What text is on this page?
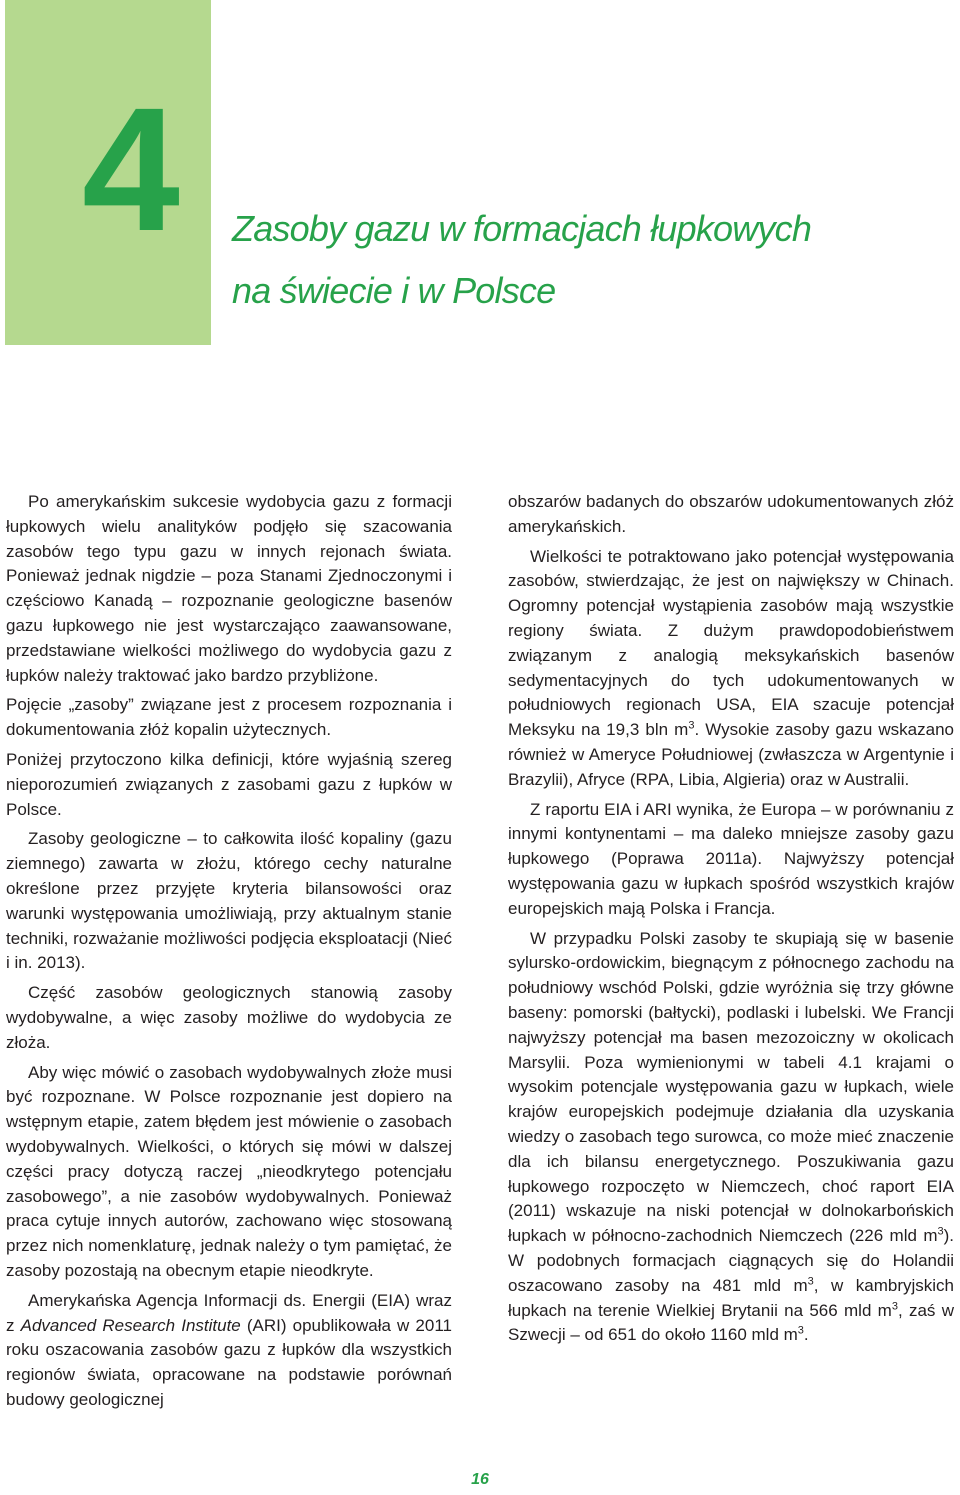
4 Zasoby gazu w formacjach łupkowych
na świecie i w Polsce

Po amerykańskim sukcesie wydobycia gazu z formacji łupkowych wielu analityków podjęło się szacowania zasobów tego typu gazu w innych rejonach świata. Ponieważ jednak nigdzie – poza Stanami Zjednoczonymi i częściowo Kanadą – rozpoznanie geologiczne basenów gazu łupkowego nie jest wystarczająco zaawansowane, przedstawiane wielkości możliwego do wydobycia gazu z łupków należy traktować jako bardzo przybliżone.

Pojęcie „zasoby” związane jest z procesem rozpoznania i dokumentowania złóż kopalin użytecznych.

Poniżej przytoczono kilka definicji, które wyjaśnią szereg nieporozumień związanych z zasobami gazu z łupków w Polsce.

Zasoby geologiczne – to całkowita ilość kopaliny (gazu ziemnego) zawarta w złożu, którego cechy naturalne określone przez przyjęte kryteria bilansowości oraz warunki występowania umożliwiają, przy aktualnym stanie techniki, rozważanie możliwości podjęcia eksploatacji (Nieć i in. 2013).

Część zasobów geologicznych stanowią zasoby wydobywalne, a więc zasoby możliwe do wydobycia ze złoża.

Aby więc mówić o zasobach wydobywalnych złoże musi być rozpoznane. W Polsce rozpoznanie jest dopiero na wstępnym etapie, zatem błędem jest mówienie o zasobach wydobywalnych. Wielkości, o których się mówi w dalszej części pracy dotyczą raczej „nieodkrytego potencjału zasobowego”, a nie zasobów wydobywalnych. Ponieważ praca cytuje innych autorów, zachowano więc stosowaną przez nich nomenklaturę, jednak należy o tym pamiętać, że zasoby pozostają na obecnym etapie nieodkryte.

Amerykańska Agencja Informacji ds. Energii (EIA) wraz z Advanced Research Institute (ARI) opublikowała w 2011 roku oszacowania zasobów gazu z łupków dla wszystkich regionów świata, opracowane na podstawie porównań budowy geologicznej

obszarów badanych do obszarów udokumentowanych złóż amerykańskich.

Wielkości te potraktowano jako potencjał występowania zasobów, stwierdzając, że jest on największy w Chinach. Ogromny potencjał wystąpienia zasobów mają wszystkie regiony świata. Z dużym prawdopodobieństwem związanym z analogią meksykańskich basenów sedymentacyjnych do tych udokumentowanych w południowych regionach USA, EIA szacuje potencjał Meksyku na 19,3 bln $m^3$. Wysokie zasoby gazu wskazano również w Ameryce Południowej (zwłaszcza w Argentynie i Brazylii), Afryce (RPA, Libia, Algieria) oraz w Australii.

Z raportu EIA i ARI wynika, że Europa – w porównaniu z innymi kontynentami – ma daleko mniejsze zasoby gazu łupkowego (Poprawa 2011a). Najwyższy potencjał występowania gazu w łupkach spośród wszystkich krajów europejskich mają Polska i Francja.

W przypadku Polski zasoby te skupiają się w basenie sylursko-ordowickim, biegnącym z północnego zachodu na południowy wschód Polski, gdzie wyróżnia się trzy główne baseny: pomorski (bałtycki), podlaski i lubelski. We Francji najwyższy potencjał ma basen mezozoiczny w okolicach Marsylii. Poza wymienionymi w tabeli 4.1 krajami o wysokim potencjale występowania gazu w łupkach, wiele krajów europejskich podejmuje działania dla uzyskania wiedzy o zasobach tego surowca, co może mieć znaczenie dla ich bilansu energetycznego. Poszukiwania gazu łupkowego rozpoczęto w Niemczech, choć raport EIA (2011) wskazuje na niski potencjał w dolnokarbońskich łupkach w północno-zachodnich Niemczech (226 mld $m^3$). W podobnych formacjach ciągnących się do Holandii oszacowano zasoby na 481 mld $m^3$, w kambryjskich łupkach na terenie Wielkiej Brytanii na 566 mld $m^3$, zaś w Szwecji – od 651 do około 1160 mld $m^3$.

16
